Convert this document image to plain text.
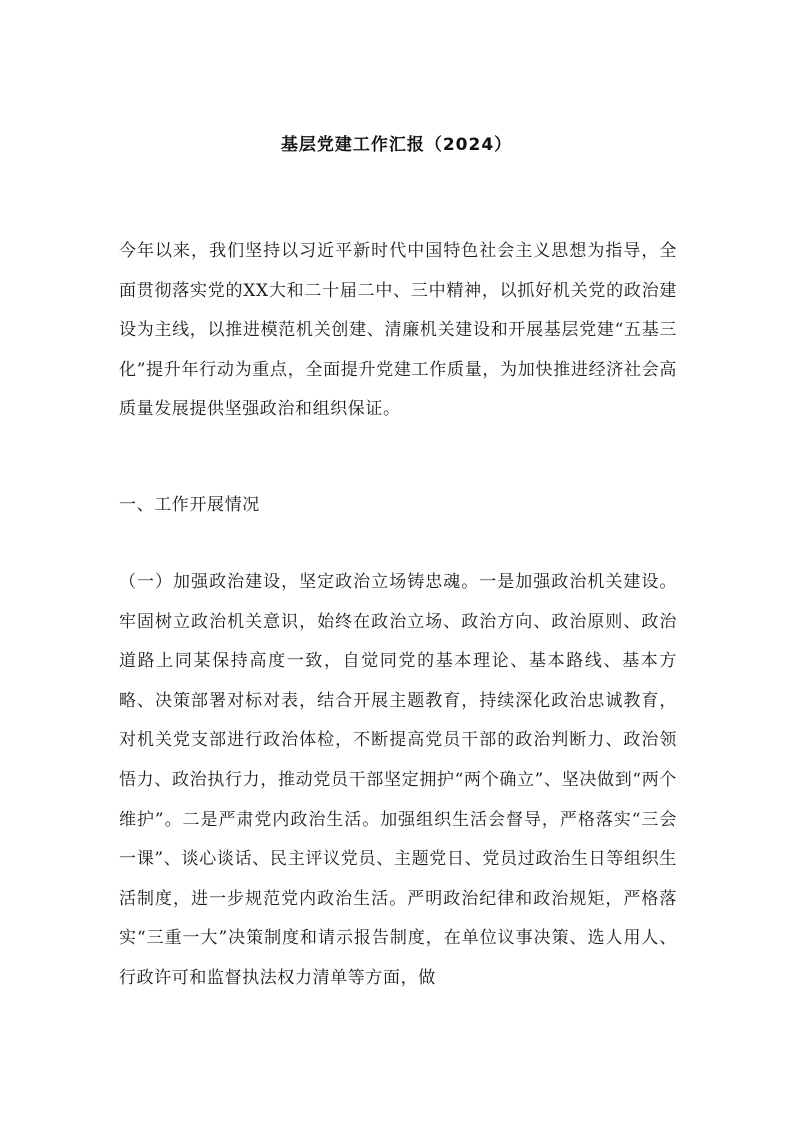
基层党建工作汇报（2024）

今年以来，我们坚持以习近平新时代中国特色社会主义思想为指导，全面贯彻落实党的XX大和二十届二中、三中精神，以抓好机关党的政治建设为主线，以推进模范机关创建、清廉机关建设和开展基层党建“五基三化”提升年行动为重点，全面提升党建工作质量，为加快推进经济社会高质量发展提供坚强政治和组织保证。

一、工作开展情况

（一）加强政治建设，坚定政治立场铸忠魂。一是加强政治机关建设。牢固树立政治机关意识，始终在政治立场、政治方向、政治原则、政治道路上同某保持高度一致，自觉同党的基本理论、基本路线、基本方略、决策部署对标对表，结合开展主题教育，持续深化政治忠诚教育，对机关党支部进行政治体检，不断提高党员干部的政治判断力、政治领悟力、政治执行力，推动党员干部坚定拥护“两个确立”、坚决做到“两个维护”。二是严肃党内政治生活。加强组织生活会督导，严格落实“三会一课”、谈心谈话、民主评议党员、主题党日、党员过政治生日等组织生活制度，进一步规范党内政治生活。严明政治纪律和政治规矩，严格落实“三重一大”决策制度和请示报告制度，在单位议事决策、选人用人、行政许可和监督执法权力清单等方面，做
